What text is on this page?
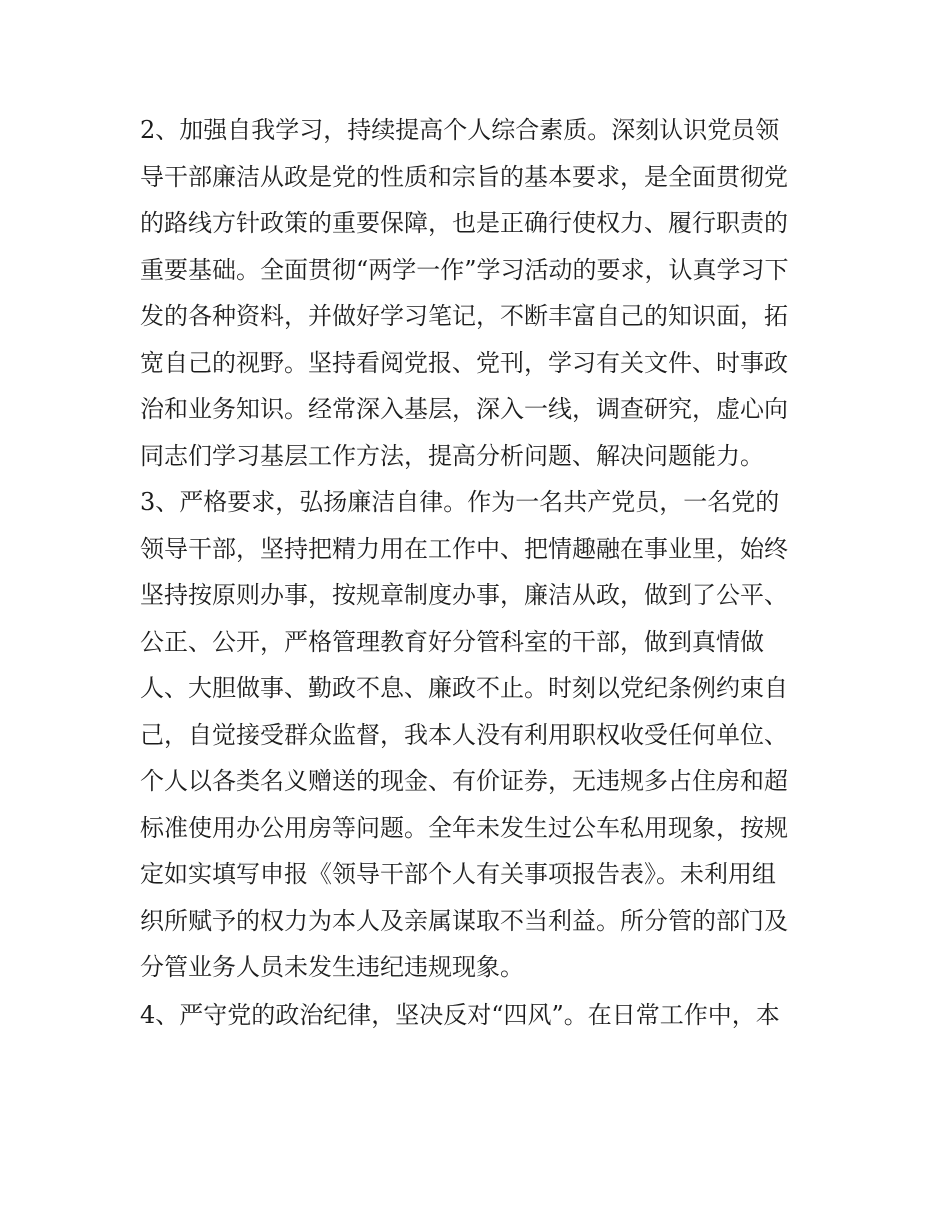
2、加强自我学习，持续提高个人综合素质。深刻认识党员领
导干部廉洁从政是党的性质和宗旨的基本要求，是全面贯彻党
的路线方针政策的重要保障，也是正确行使权力、履行职责的
重要基础。全面贯彻“两学一作”学习活动的要求，认真学习下
发的各种资料，并做好学习笔记，不断丰富自己的知识面，拓
宽自己的视野。坚持看阅党报、党刊，学习有关文件、时事政
治和业务知识。经常深入基层，深入一线，调查研究，虚心向
同志们学习基层工作方法，提高分析问题、解决问题能力。
3、严格要求，弘扬廉洁自律。作为一名共产党员，一名党的
领导干部，坚持把精力用在工作中、把情趣融在事业里，始终
坚持按原则办事，按规章制度办事，廉洁从政，做到了公平、
公正、公开，严格管理教育好分管科室的干部，做到真情做
人、大胆做事、勤政不息、廉政不止。时刻以党纪条例约束自
己，自觉接受群众监督，我本人没有利用职权收受任何单位、
个人以各类名义赠送的现金、有价证券，无违规多占住房和超
标准使用办公用房等问题。全年未发生过公车私用现象，按规
定如实填写申报《领导干部个人有关事项报告表》。未利用组
织所赋予的权力为本人及亲属谋取不当利益。所分管的部门及
分管业务人员未发生违纪违规现象。
4、严守党的政治纪律，坚决反对“四风”。在日常工作中，本
